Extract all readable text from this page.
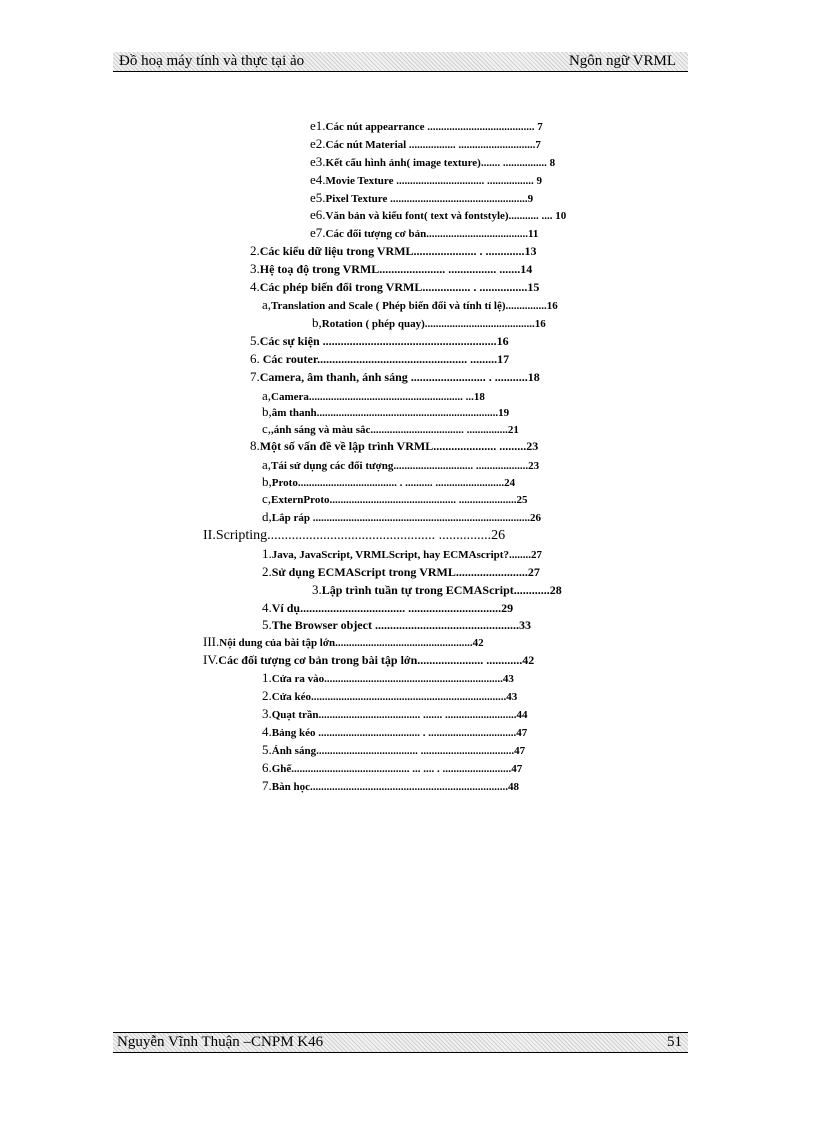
Đồ hoạ máy tính và thực tại ảo	Ngôn ngữ VRML
e1.Các nút appearrance ....................................... 7
e2.Các nút Material ................. ............................7
e3.Kết cấu hình ảnh( image texture)....... ................ 8
e4.Movie Texture ................................ ................. 9
e5.Pixel Texture ..................................................9
e6.Văn bản và kiểu font( text và fontstyle)........... .... 10
e7.Các đối tượng cơ bản.....................................11
2.Các kiểu dữ liệu trong VRML..................... . .............13
3.Hệ toạ độ trong VRML...................... ................ .......14
4.Các phép biến đổi trong VRML................ . ................15
a,Translation and Scale ( Phép biến đổi và tính tỉ lệ)...............16
b,Rotation ( phép quay)........................................16
5.Các sự kiện ..........................................................16
6. Các router.................................................. .........17
7.Camera, âm thanh, ánh sáng ......................... . ...........18
a,Camera........................................................ ...18
b,âm thanh..................................................................19
c,,ánh sáng và màu sắc.................................. ...............21
8.Một số vấn đề về lập trình VRML..................... .........23
a,Tái sử dụng các đối tượng............................. ...................23
b,Proto.................................... . .......... .........................24
c,ExternProto.............................................. .....................25
d,Lắp ráp ...............................................................................26
II.Scripting................................................ ...............26
1.Java, JavaScript, VRMLScript, hay ECMAscript?........27
2.Sử dụng ECMAScript trong VRML........................27
3.Lập trình tuần tự trong ECMAScript............28
4.Ví dụ................................... ...............................29
5.The Browser object ................................................33
III.Nội dung của bài tập lớn..................................................42
IV.Các đối tượng cơ bản trong bài tập lớn...................... ............42
1.Cửa ra vào.................................................................43
2.Cửa kéo.......................................................................43
3.Quạt trần..................................... ....... ..........................44
4.Bảng kéo ..................................... . ................................47
5.Ánh sáng..................................... ..................................47
6.Ghế........................................... ... .... . .........................47
7.Bàn học........................................................................48
Nguyễn Vĩnh Thuận –CNPM K46	51
